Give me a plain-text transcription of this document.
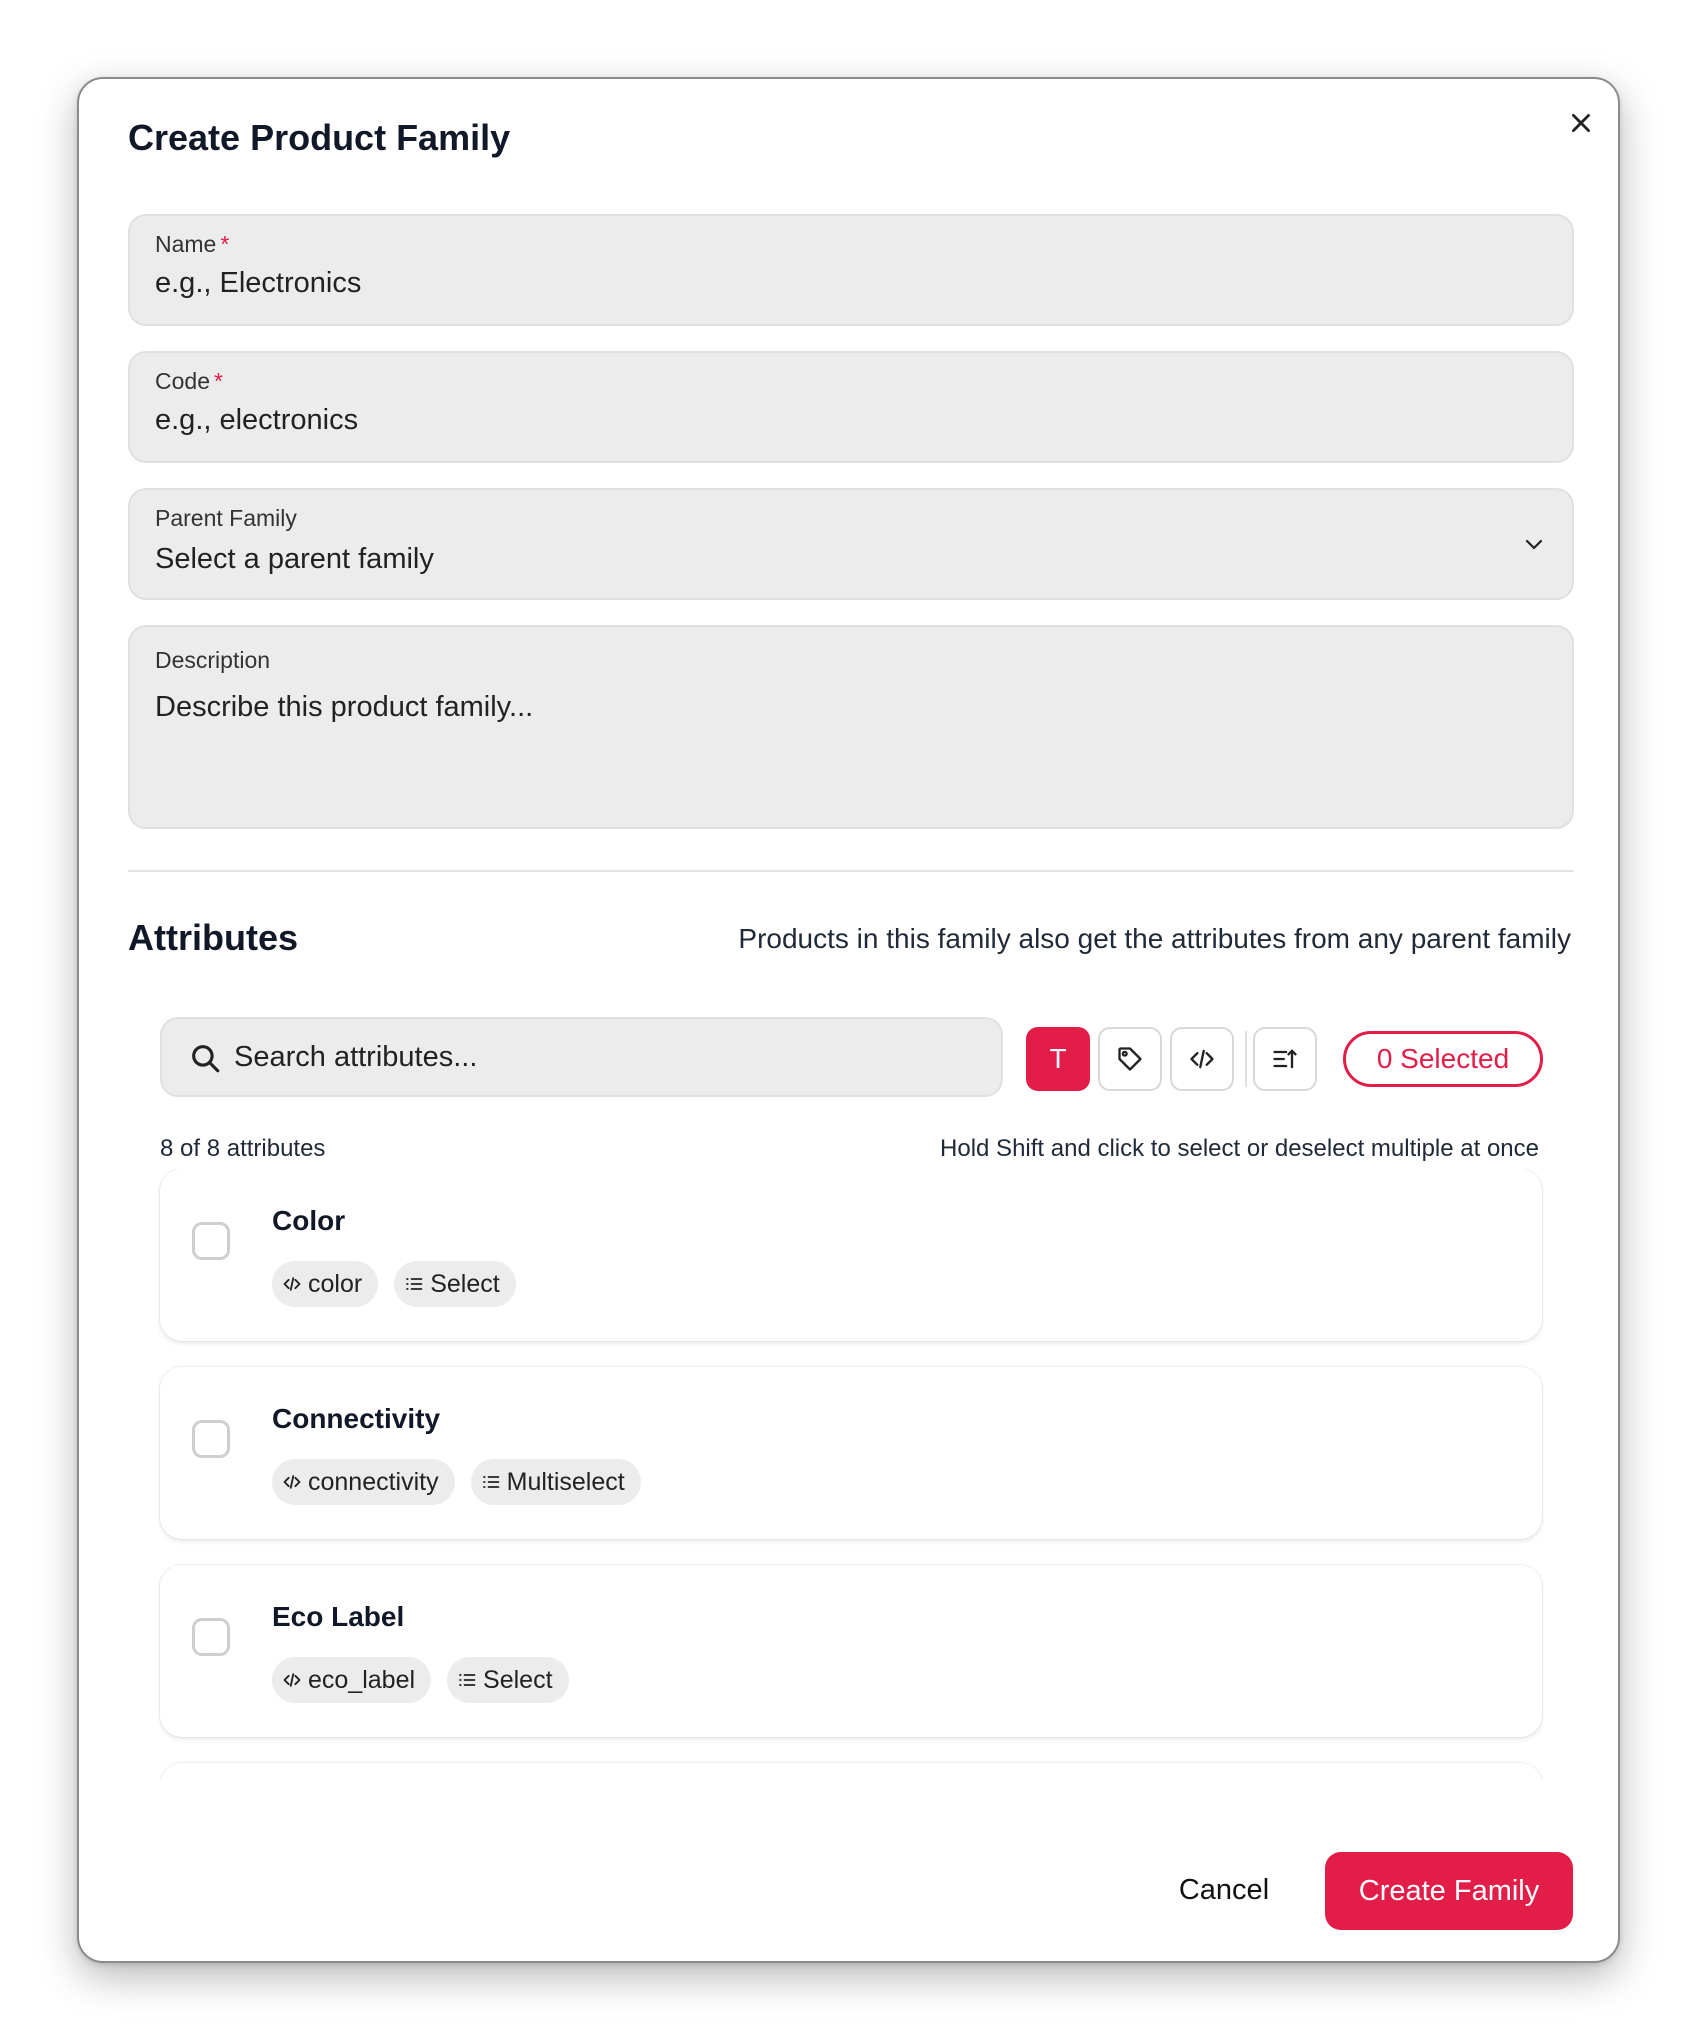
Create Product Family
Name *
e.g., Electronics
Code *
e.g., electronics
Parent Family
Select a parent family
Description
Describe this product family...
Attributes	Products in this family also get the attributes from any parent family
Search attributes...
T	0 Selected
8 of 8 attributes	Hold Shift and click to select or deselect multiple at once
Color
color	Select
Connectivity
connectivity	Multiselect
Eco Label
eco_label	Select
Cancel	Create Family
